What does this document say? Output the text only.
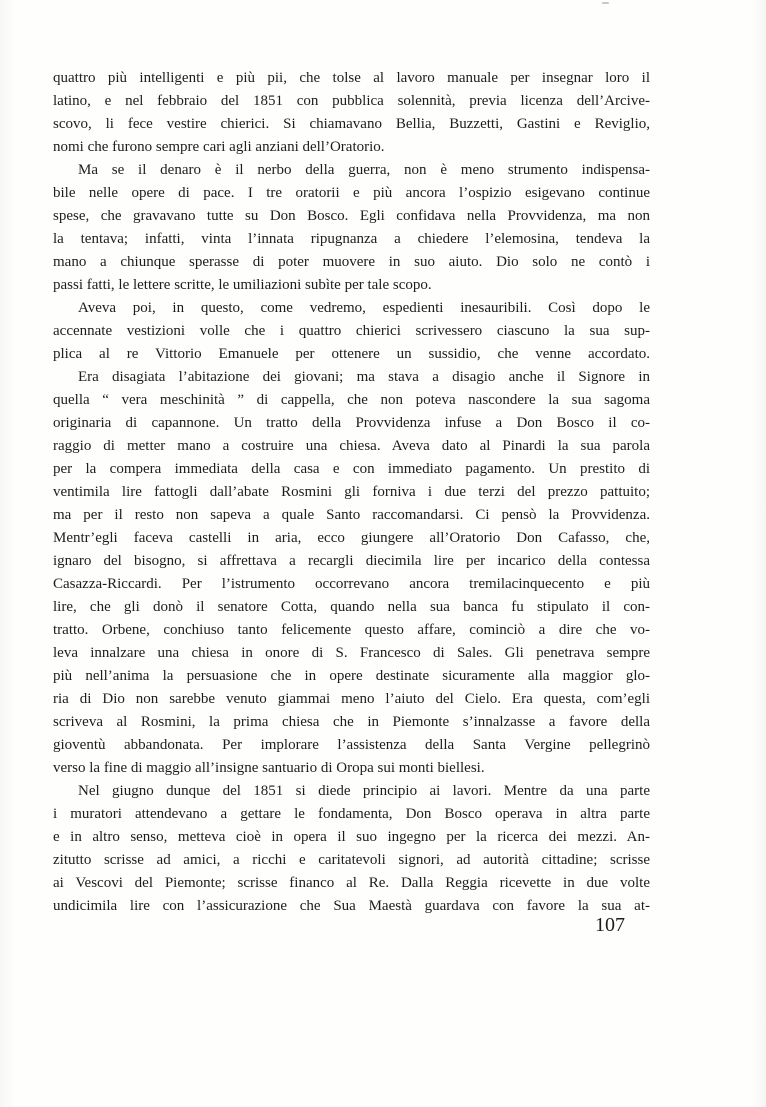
quattro più intelligenti e più pii, che tolse al lavoro manuale per insegnar loro il
latino, e nel febbraio del 1851 con pubblica solennità, previa licenza dell’Arcive-
scovo, li fece vestire chierici. Si chiamavano Bellia, Buzzetti, Gastini e Reviglio,
nomi che furono sempre cari agli anziani dell’Oratorio.
Ma se il denaro è il nerbo della guerra, non è meno strumento indispensa-
bile nelle opere di pace. I tre oratorii e più ancora l’ospizio esigevano continue
spese, che gravavano tutte su Don Bosco. Egli confidava nella Provvidenza, ma non
la tentava; infatti, vinta l’innata ripugnanza a chiedere l’elemosina, tendeva la
mano a chiunque sperasse di poter muovere in suo aiuto. Dio solo ne contò i
passi fatti, le lettere scritte, le umiliazioni subìte per tale scopo.
Aveva poi, in questo, come vedremo, espedienti inesauribili. Così dopo le
accennate vestizioni volle che i quattro chierici scrivessero ciascuno la sua sup-
plica al re Vittorio Emanuele per ottenere un sussidio, che venne accordato.
Era disagiata l’abitazione dei giovani; ma stava a disagio anche il Signore in
quella “ vera meschinità ” di cappella, che non poteva nascondere la sua sagoma
originaria di capannone. Un tratto della Provvidenza infuse a Don Bosco il co-
raggio di metter mano a costruire una chiesa. Aveva dato al Pinardi la sua parola
per la compera immediata della casa e con immediato pagamento. Un prestito di
ventimila lire fattogli dall’abate Rosmini gli forniva i due terzi del prezzo pattuito;
ma per il resto non sapeva a quale Santo raccomandarsi. Ci pensò la Provvidenza.
Mentr’egli faceva castelli in aria, ecco giungere all’Oratorio Don Cafasso, che,
ignaro del bisogno, si affrettava a recargli diecimila lire per incarico della contessa
Casazza-Riccardi. Per l’istrumento occorrevano ancora tremilacinquecento e più
lire, che gli donò il senatore Cotta, quando nella sua banca fu stipulato il con-
tratto. Orbene, conchiuso tanto felicemente questo affare, cominciò a dire che vo-
leva innalzare una chiesa in onore di S. Francesco di Sales. Gli penetrava sempre
più nell’anima la persuasione che in opere destinate sicuramente alla maggior glo-
ria di Dio non sarebbe venuto giammai meno l’aiuto del Cielo. Era questa, com’egli
scriveva al Rosmini, la prima chiesa che in Piemonte s’innalzasse a favore della
gioventù abbandonata. Per implorare l’assistenza della Santa Vergine pellegrinò
verso la fine di maggio all’insigne santuario di Oropa sui monti biellesi.
Nel giugno dunque del 1851 si diede principio ai lavori. Mentre da una parte
i muratori attendevano a gettare le fondamenta, Don Bosco operava in altra parte
e in altro senso, metteva cioè in opera il suo ingegno per la ricerca dei mezzi. An-
zitutto scrisse ad amici, a ricchi e caritatevoli signori, ad autorità cittadine; scrisse
ai Vescovi del Piemonte; scrisse financo al Re. Dalla Reggia ricevette in due volte
undicimila lire con l’assicurazione che Sua Maestà guardava con favore la sua at-
107
